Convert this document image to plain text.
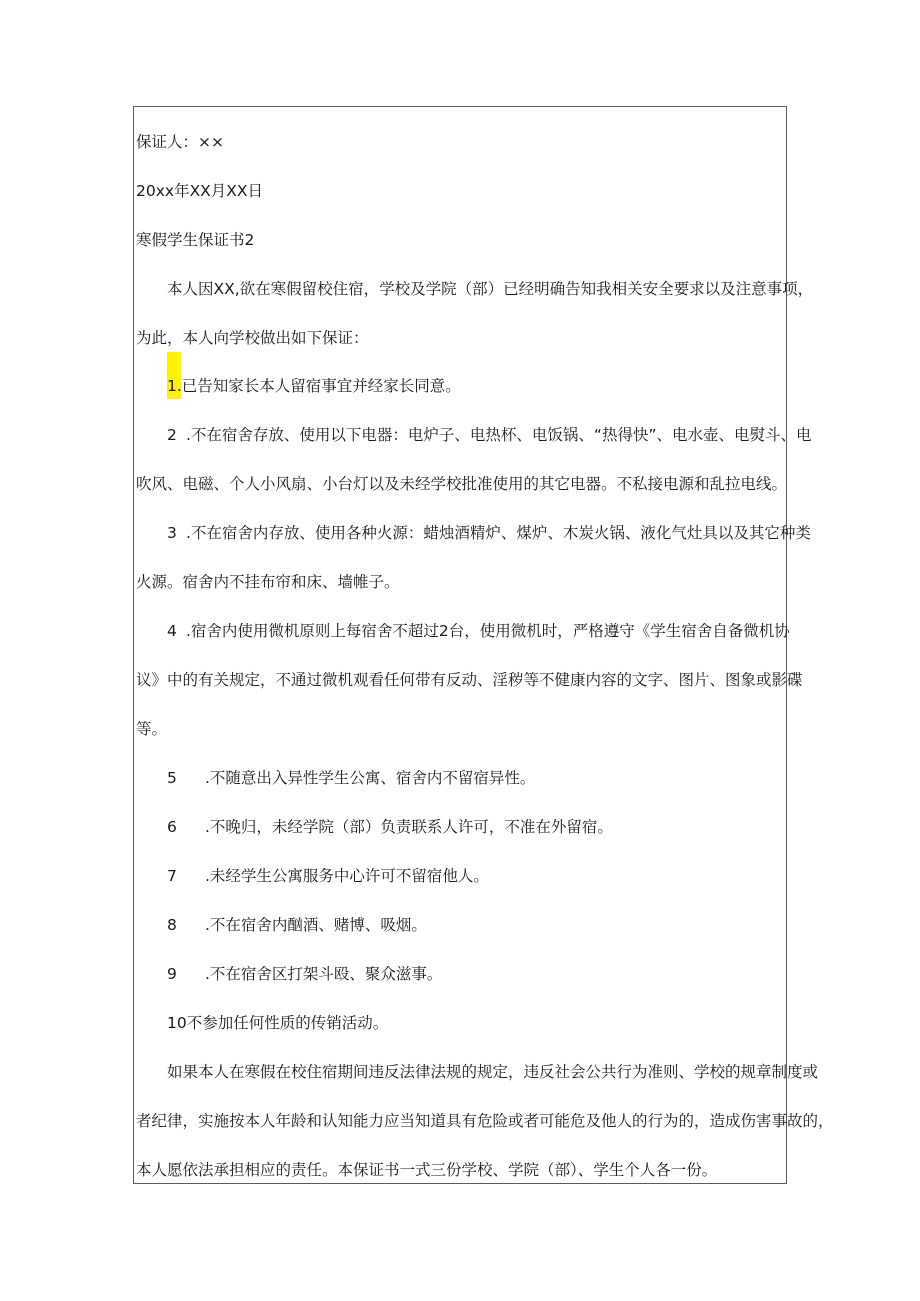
保证人：××

20xx年XX月XX日

寒假学生保证书2

本人因XX,欲在寒假留校住宿，学校及学院（部）已经明确告知我相关安全要求以及注意事项，

为此，本人向学校做出如下保证：

1.已告知家长本人留宿事宜并经家长同意。

2 .不在宿舍存放、使用以下电器：电炉子、电热杯、电饭锅、“热得快”、电水壶、电熨斗、电

吹风、电磁、个人小风扇、小台灯以及未经学校批准使用的其它电器。不私接电源和乱拉电线。

3 .不在宿舍内存放、使用各种火源：蜡烛酒精炉、煤炉、木炭火锅、液化气灶具以及其它种类

火源。宿舍内不挂布帘和床、墙帷子。

4 .宿舍内使用微机原则上每宿舍不超过2台，使用微机时，严格遵守《学生宿舍自备微机协

议》中的有关规定，不通过微机观看任何带有反动、淫秽等不健康内容的文字、图片、图象或影碟

等。

5 .不随意出入异性学生公寓、宿舍内不留宿异性。

6 .不晚归，未经学院（部）负责联系人许可，不准在外留宿。

7 .未经学生公寓服务中心许可不留宿他人。

8 .不在宿舍内酗酒、赌博、吸烟。

9 .不在宿舍区打架斗殴、聚众滋事。

10不参加任何性质的传销活动。

如果本人在寒假在校住宿期间违反法律法规的规定，违反社会公共行为准则、学校的规章制度或

者纪律，实施按本人年龄和认知能力应当知道具有危险或者可能危及他人的行为的，造成伤害事故的，

本人愿依法承担相应的责任。本保证书一式三份学校、学院（部）、学生个人各一份。
